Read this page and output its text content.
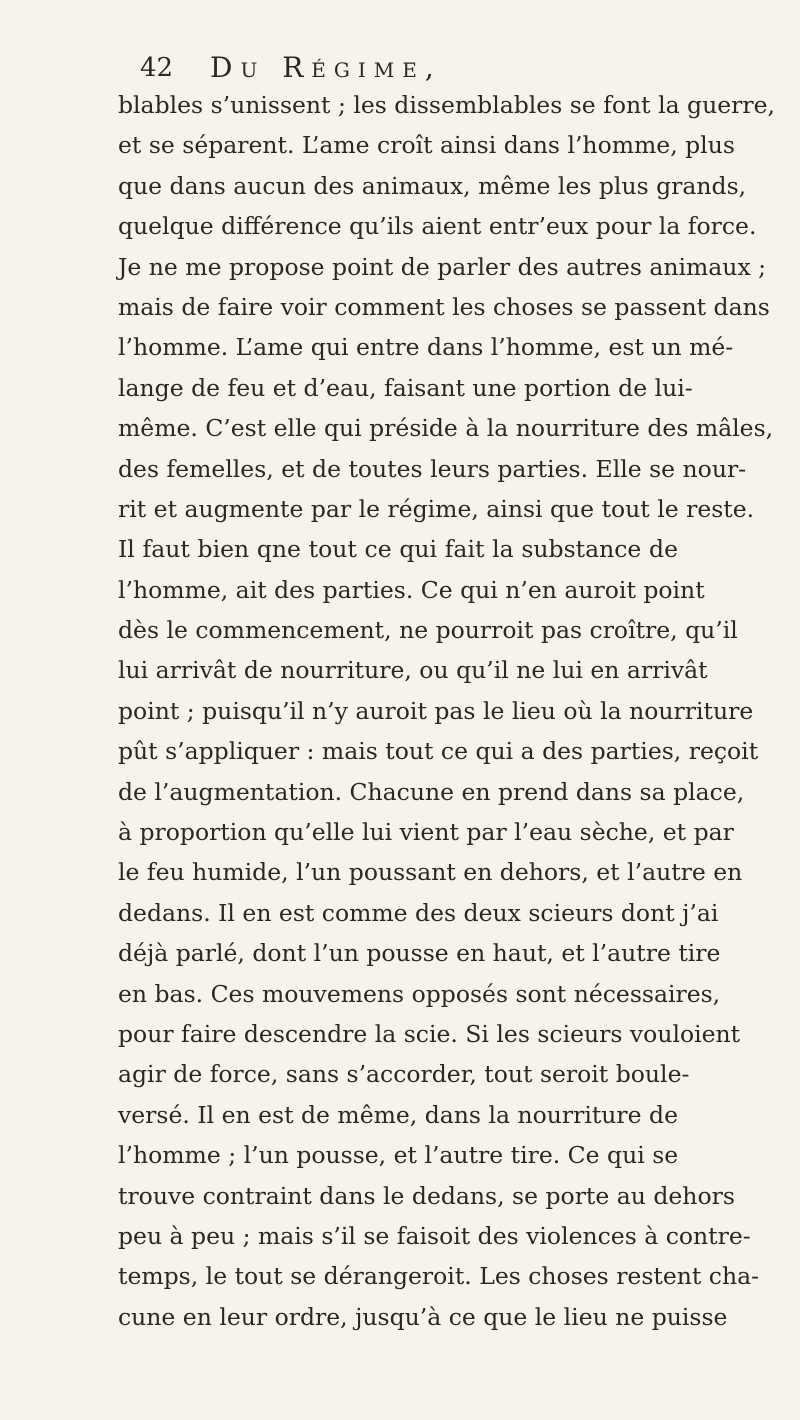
42 Du Régime,
blables s’unissent ; les dissemblables se font la guerre,
et se séparent. L’ame croît ainsi dans l’homme, plus
que dans aucun des animaux, même les plus grands,
quelque différence qu’ils aient entr’eux pour la force.
Je ne me propose point de parler des autres animaux ;
mais de faire voir comment les choses se passent dans
l’homme. L’ame qui entre dans l’homme, est un mé-
lange de feu et d’eau, faisant une portion de lui-
même. C’est elle qui préside à la nourriture des mâles,
des femelles, et de toutes leurs parties. Elle se nour-
rit et augmente par le régime, ainsi que tout le reste.
Il faut bien qne tout ce qui fait la substance de
l’homme, ait des parties. Ce qui n’en auroit point
dès le commencement, ne pourroit pas croître, qu’il
lui arrivât de nourriture, ou qu’il ne lui en arrivât
point ; puisqu’il n’y auroit pas le lieu où la nourriture
pût s’appliquer : mais tout ce qui a des parties, reçoit
de l’augmentation. Chacune en prend dans sa place,
à proportion qu’elle lui vient par l’eau sèche, et par
le feu humide, l’un poussant en dehors, et l’autre en
dedans. Il en est comme des deux scieurs dont j’ai
déjà parlé, dont l’un pousse en haut, et l’autre tire
en bas. Ces mouvemens opposés sont nécessaires,
pour faire descendre la scie. Si les scieurs vouloient
agir de force, sans s’accorder, tout seroit boule-
versé. Il en est de même, dans la nourriture de
l’homme ; l’un pousse, et l’autre tire. Ce qui se
trouve contraint dans le dedans, se porte au dehors
peu à peu ; mais s’il se faisoit des violences à contre-
temps, le tout se dérangeroit. Les choses restent cha-
cune en leur ordre, jusqu’à ce que le lieu ne puisse
